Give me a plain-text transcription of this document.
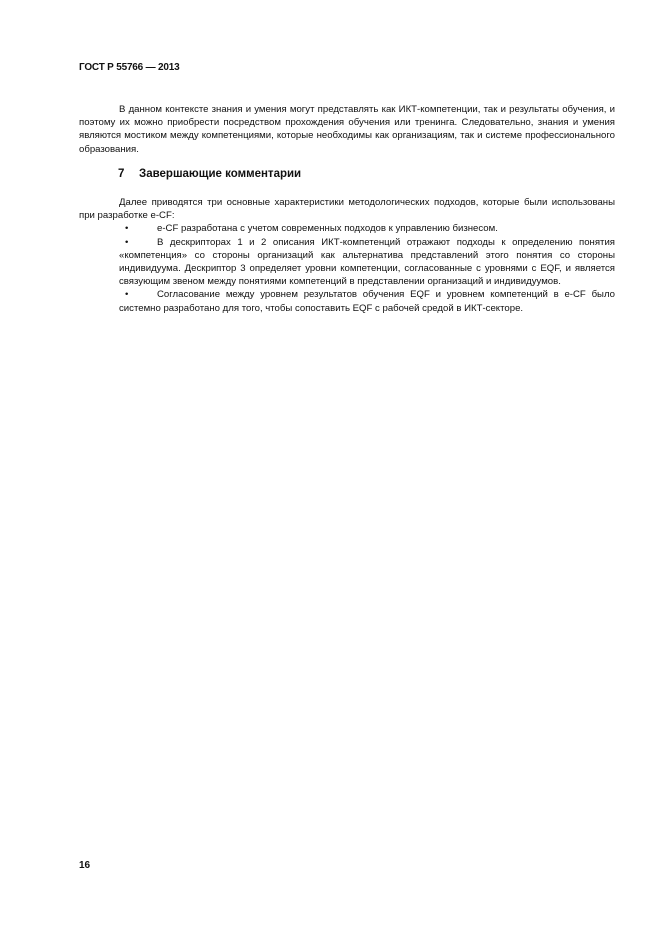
ГОСТ Р 55766 — 2013

В данном контексте знания и умения могут представлять как ИКТ-компетенции, так и результаты обучения, и поэтому их можно приобрести посредством прохождения обучения или тренинга. Следовательно, знания и умения являются мостиком между компетенциями, которые необходимы как организациям, так и системе профессионального образования.

7 Завершающие комментарии

Далее приводятся три основные характеристики методологических подходов, которые были использованы при разработке e-CF:

•	e-CF разработана с учетом современных подходов к управлению бизнесом.
•	В дескрипторах 1 и 2 описания ИКТ-компетенций отражают подходы к определению понятия «компетенция» со стороны организаций как альтернатива представлений этого понятия со стороны индивидуума. Дескриптор 3 определяет уровни компетенции, согласованные с уровнями с EQF, и является связующим звеном между понятиями компетенций в представлении организаций и индивидуумов.
•	Согласование между уровнем результатов обучения EQF и уровнем компетенций в e-CF было системно разработано для того, чтобы сопоставить EQF с рабочей средой в ИКТ-секторе.
16
